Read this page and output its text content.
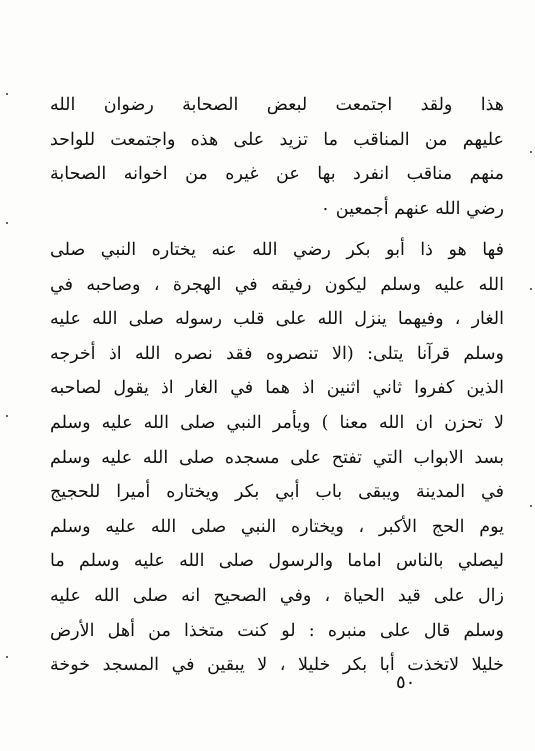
هذا ولقد اجتمعت لبعض الصحابة رضوان الله
عليهم من المناقب ما تزيد على هذه واجتمعت للواحد
منهم مناقب انفرد بها عن غيره من اخوانه الصحابة
رضي الله عنهم أجمعين ٠
فها هو ذا أبو بكر رضي الله عنه يختاره النبي صلى
الله عليه وسلم ليكون رفيقه في الهجرة ، وصاحبه في
الغار ، وفيهما ينزل الله على قلب رسوله صلى الله عليه
وسلم قرآنا يتلى: (الا تنصروه فقد نصره الله اذ أخرجه
الذين كفروا ثاني اثنين اذ هما في الغار اذ يقول لصاحبه
لا تحزن ان الله معنا ) ويأمر النبي صلى الله عليه وسلم
بسد الابواب التي تفتح على مسجده صلى الله عليه وسلم
في المدينة ويبقى باب أبي بكر ويختاره أميرا للحجيج
يوم الحج الأكبر ، ويختاره النبي صلى الله عليه وسلم
ليصلي بالناس اماما والرسول صلى الله عليه وسلم ما
زال على قيد الحياة ، وفي الصحيح انه صلى الله عليه
وسلم قال على منبره : لو كنت متخذا من أهل الأرض
خليلا لاتخذت أبا بكر خليلا ، لا يبقين في المسجد خوخة
٥٠
